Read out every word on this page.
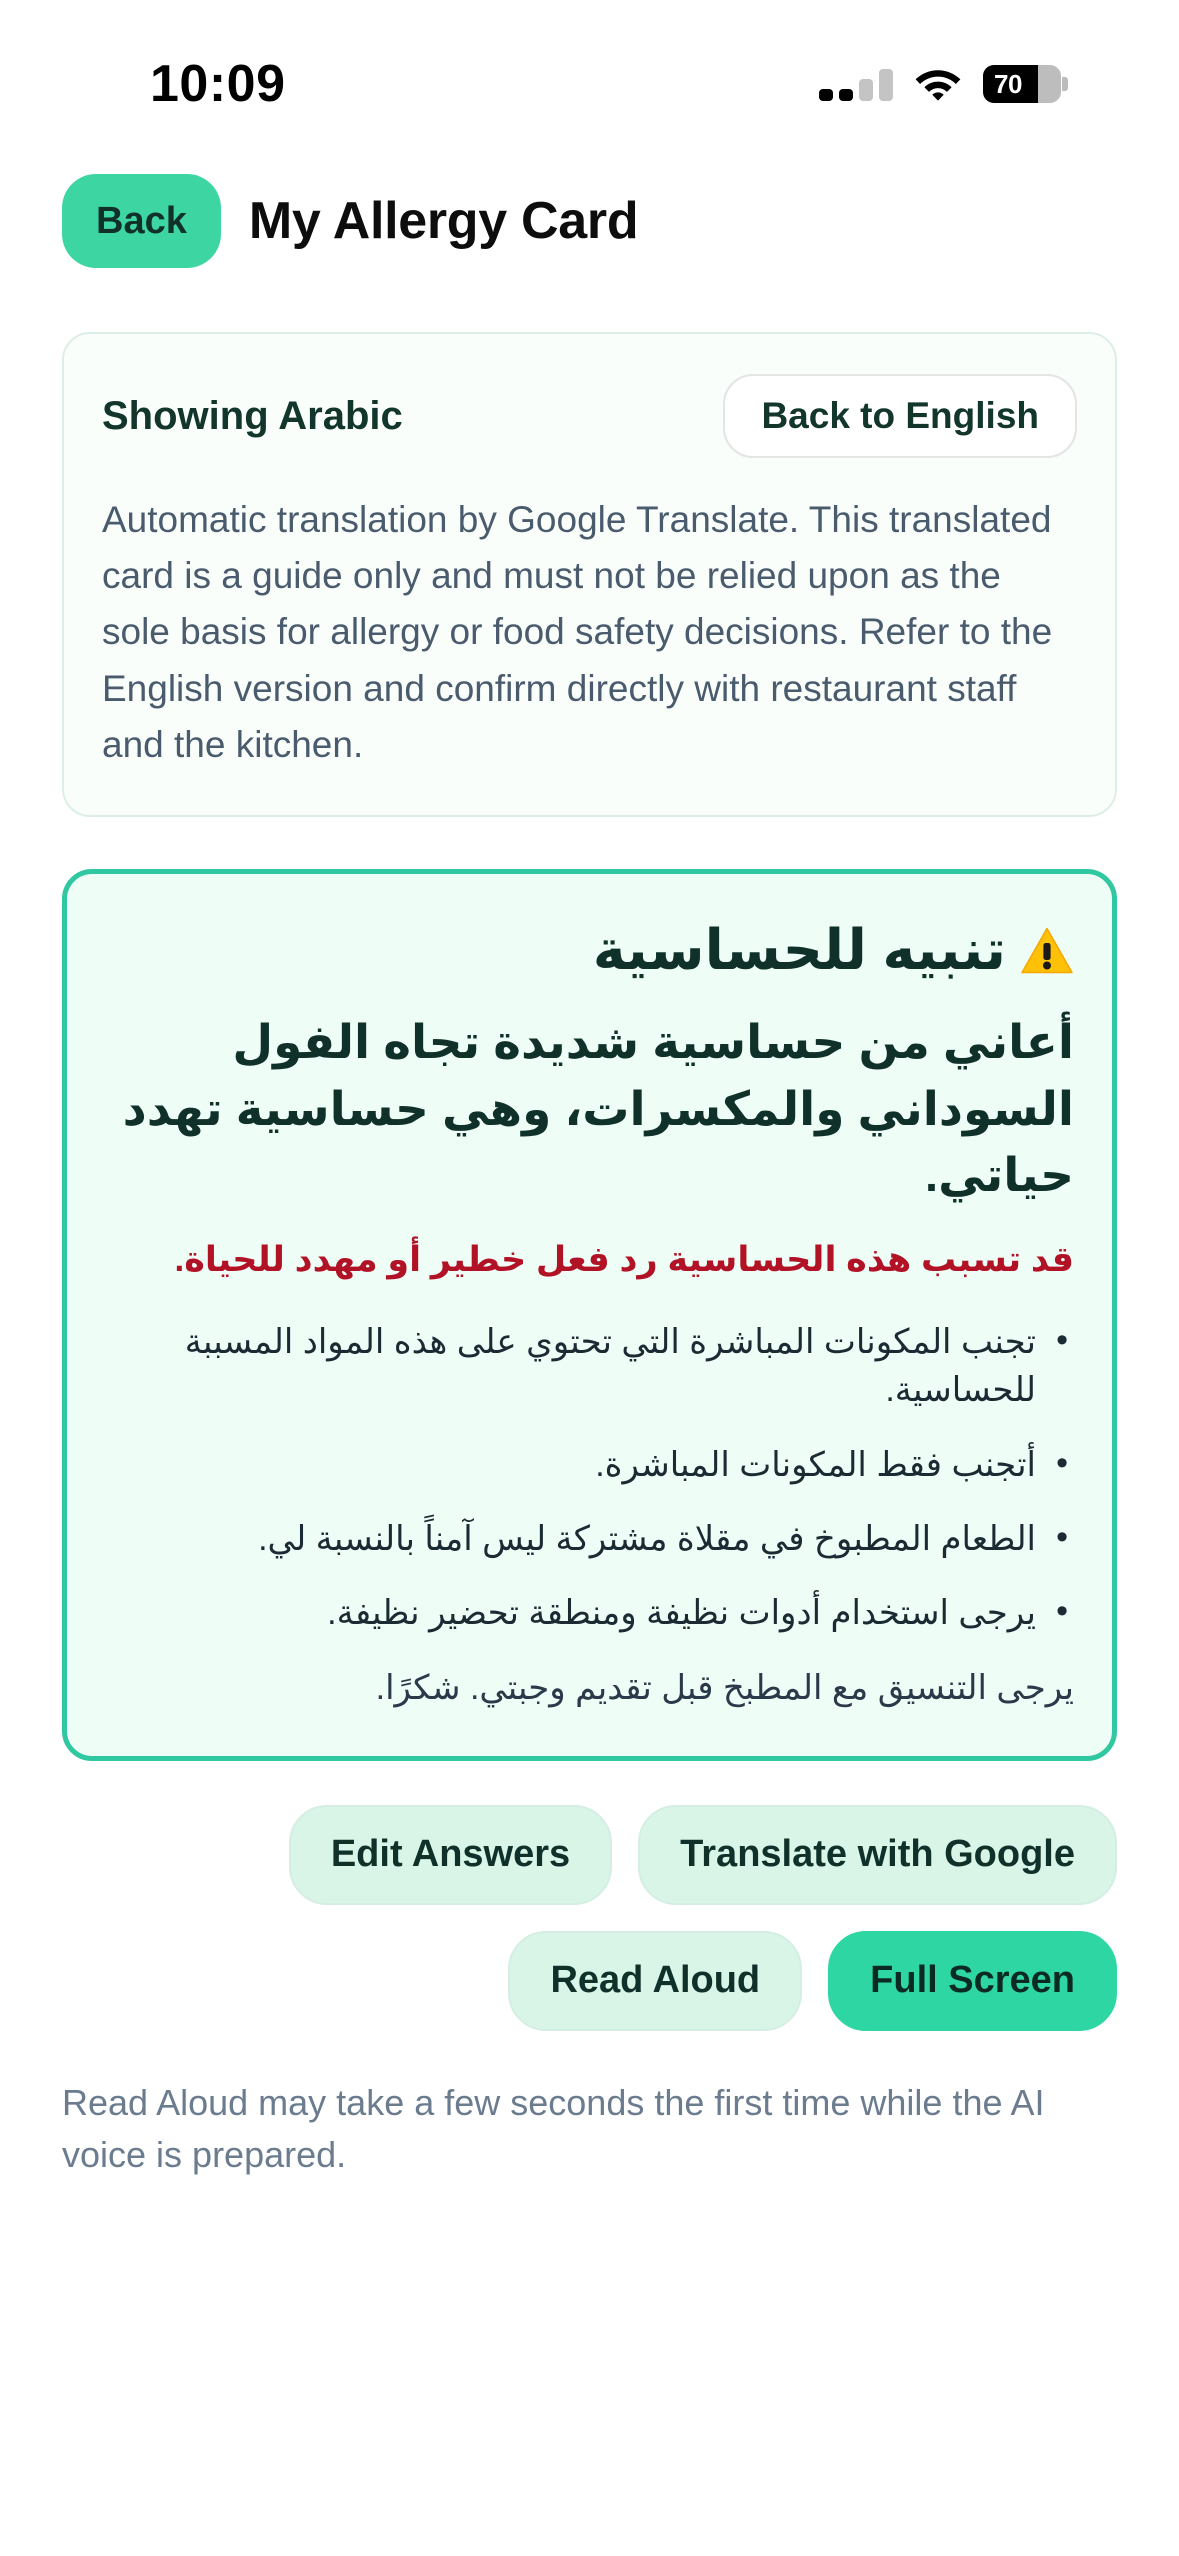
10:09	70
Back	My Allergy Card
Showing Arabic	Back to English

Automatic translation by Google Translate. This translated card is a guide only and must not be relied upon as the sole basis for allergy or food safety decisions. Refer to the English version and confirm directly with restaurant staff and the kitchen.

تنبيه للحساسية

أعاني من حساسية شديدة تجاه الفول السوداني والمكسرات، وهي حساسية تهدد حياتي.

قد تسبب هذه الحساسية رد فعل خطير أو مهدد للحياة.

• تجنب المكونات المباشرة التي تحتوي على هذه المواد المسببة للحساسية.
• أتجنب فقط المكونات المباشرة.
• الطعام المطبوخ في مقلاة مشتركة ليس آمناً بالنسبة لي.
• يرجى استخدام أدوات نظيفة ومنطقة تحضير نظيفة.

يرجى التنسيق مع المطبخ قبل تقديم وجبتي. شكرًا.

Edit Answers	Translate with Google
Read Aloud	Full Screen

Read Aloud may take a few seconds the first time while the AI voice is prepared.
